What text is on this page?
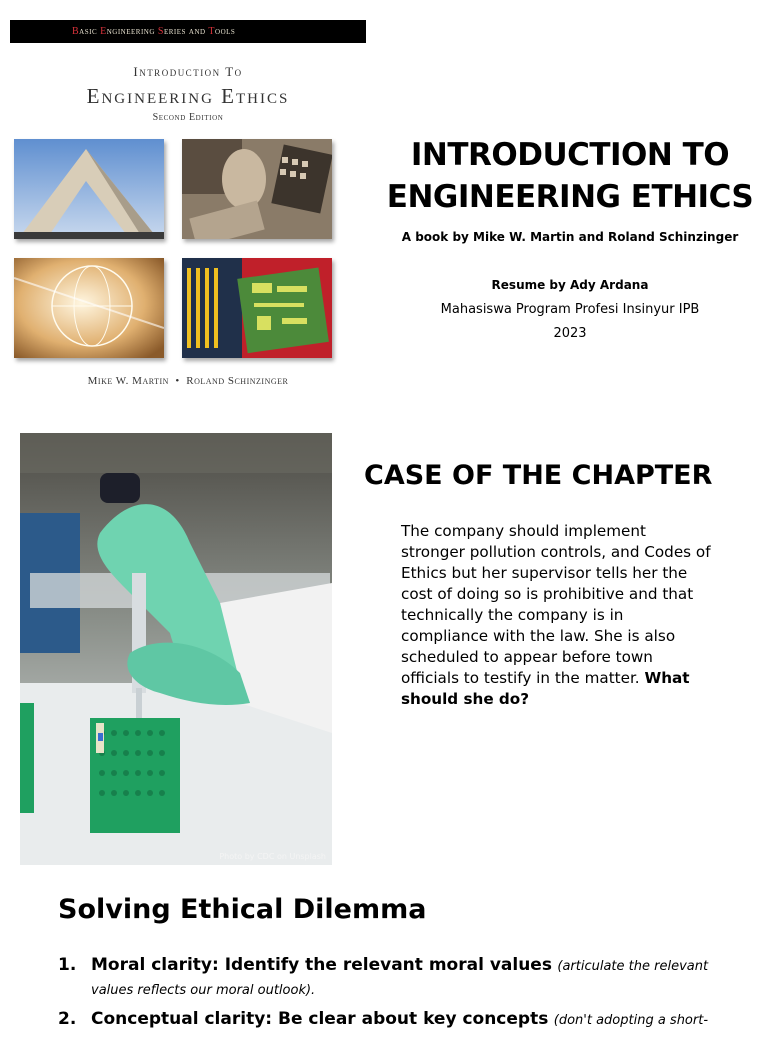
Basic Engineering Series and Tools
Introduction To
Engineering Ethics
Second Edition
Mike W. Martin  •  Roland Schinzinger
INTRODUCTION TO
ENGINEERING ETHICS
A book by Mike W. Martin and Roland Schinzinger
Resume by Ady Ardana
Mahasiswa Program Profesi Insinyur IPB
2023
Photo by CDC on Unsplash
CASE OF THE CHAPTER
The company should implement stronger pollution controls, and Codes of Ethics but her supervisor tells her the cost of doing so is prohibitive and that technically the company is in compliance with the law. She is also scheduled to appear before town officials to testify in the matter. What should she do?
Solving Ethical Dilemma
1. Moral clarity: Identify the relevant moral values (articulate the relevant values reflects our moral outlook).
2. Conceptual clarity: Be clear about key concepts (don't adopting a short-
